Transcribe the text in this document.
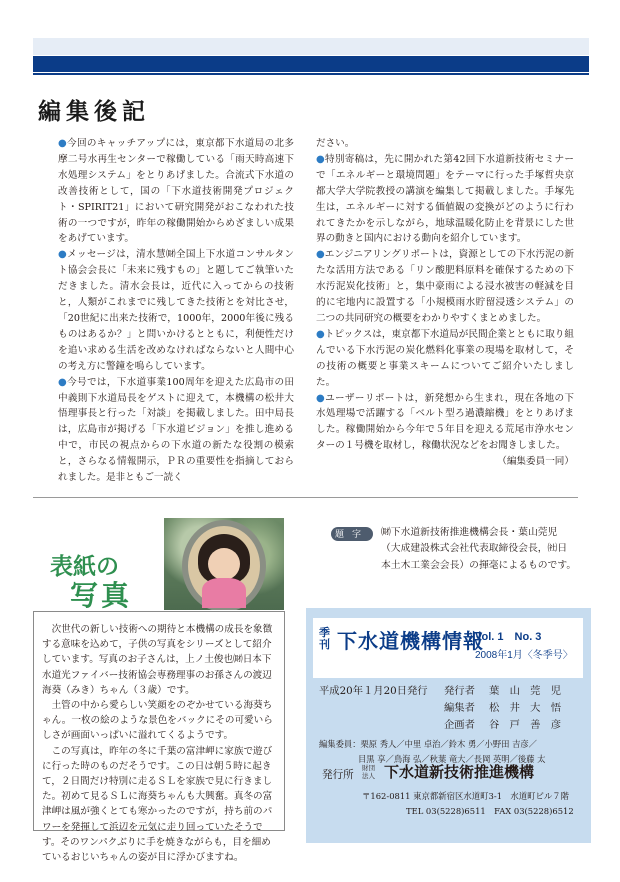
編集後記

●今回のキャッチアップには，東京都下水道局の北多摩二号水再生センターで稼働している「雨天時高速下水処理システム」をとりあげました。合流式下水道の改善技術として，国の「下水道技術開発プロジェクト・SPIRIT21」において研究開発がおこなわれた技術の一つですが，昨年の稼働開始からめざましい成果をあげています。

●メッセージは，清水慧㈶全国上下水道コンサルタント協会会長に「未来に残すもの」と題してご執筆いただきました。清水会長は，近代に入ってからの技術と，人類がこれまでに残してきた技術とを対比させ，「20世紀に出来た技術で，1000年，2000年後に残るものはあるか？」と問いかけるとともに，利便性だけを追い求める生活を改めなければならないと人間中心の考え方に警鐘を鳴らしています。

●今号では，下水道事業100周年を迎えた広島市の田中義則下水道局長をゲストに迎えて，本機構の松井大悟理事長と行った「対談」を掲載しました。田中局長は，広島市が掲げる「下水道ビジョン」を推し進める中で，市民の視点からの下水道の新たな役割の模索と，さらなる情報開示，ＰＲの重要性を指摘しておられました。是非ともご一読く

ださい。

●特別寄稿は，先に開かれた第42回下水道新技術セミナーで「エネルギーと環境問題」をテーマに行った手塚哲央京都大学大学院教授の講演を編集して掲載しました。手塚先生は，エネルギーに対する価値観の変換がどのように行われてきたかを示しながら，地球温暖化防止を背景にした世界の動きと国内における動向を紹介しています。

●エンジニアリングリポートは，資源としての下水汚泥の新たな活用方法である「リン酸肥料原料を確保するための下水汚泥炭化技術」と，集中豪雨による浸水被害の軽減を目的に宅地内に設置する「小規模雨水貯留浸透システム」の二つの共同研究の概要をわかりやすくまとめました。

●トピックスは，東京都下水道局が民間企業とともに取り組んでいる下水汚泥の炭化燃料化事業の現場を取材して，その技術の概要と事業スキームについてご紹介いたしました。

●ユーザーリポートは，新発想から生まれ，現在各地の下水処理場で活躍する「ベルト型ろ過濃縮機」をとりあげました。稼働開始から今年で５年目を迎える荒尾市浄水センターの１号機を取材し，稼働状況などをお聞きしました。
（編集委員一同）

表紙の
写真

次世代の新しい技術への期待と本機構の成長を象徴する意味を込めて，子供の写真をシリーズとして紹介しています。写真のお子さんは，上ノ土俊也㈶日本下水道光ファイバー技術協会専務理事のお孫さんの渡辺海葵（みき）ちゃん（３歳）です。

土管の中から愛らしい笑顔をのぞかせている海葵ちゃん。一枚の絵のような景色をバックにその可愛いらしさが画面いっぱいに溢れてくるようです。

この写真は，昨年の冬に千葉の富津岬に家族で遊びに行った時のものだそうです。この日は朝５時に起きて，２日間だけ特別に走るＳＬを家族で見に行きました。初めて見るＳＬに海葵ちゃんも大興奮。真冬の富津岬は風が強くとても寒かったのですが，持ち前のパワーを発揮して浜辺を元気に走り回っていたそうです。そのワンパクぶりに手を焼きながらも，目を細めているおじいちゃんの姿が目に浮かびますね。

題字	㈶下水道新技術推進機構会長・葉山莞児
（大成建設株式会社代表取締役会長，㈳日
本土木工業会会長）の揮毫によるものです。
季刊 下水道機構情報
Vol. 1　No. 3
2008年1月〈冬季号〉
平成20年１月20日発行 発行者 葉　山　莞　児
編集者 松　井　大　悟
企画者 谷　戸　善　彦
編集委員：栗原 秀人／中里 卓治／鈴木 勇／小野田 吉彦／
目黒 享／鳥海 弘／秋葉 竜大／長岡 英明／後藤 太
発行所
財団法人 下水道新技術推進機構
〒162-0811 東京都新宿区水道町3-1　水道町ビル７階
TEL 03(5228)6511　FAX 03(5228)6512
